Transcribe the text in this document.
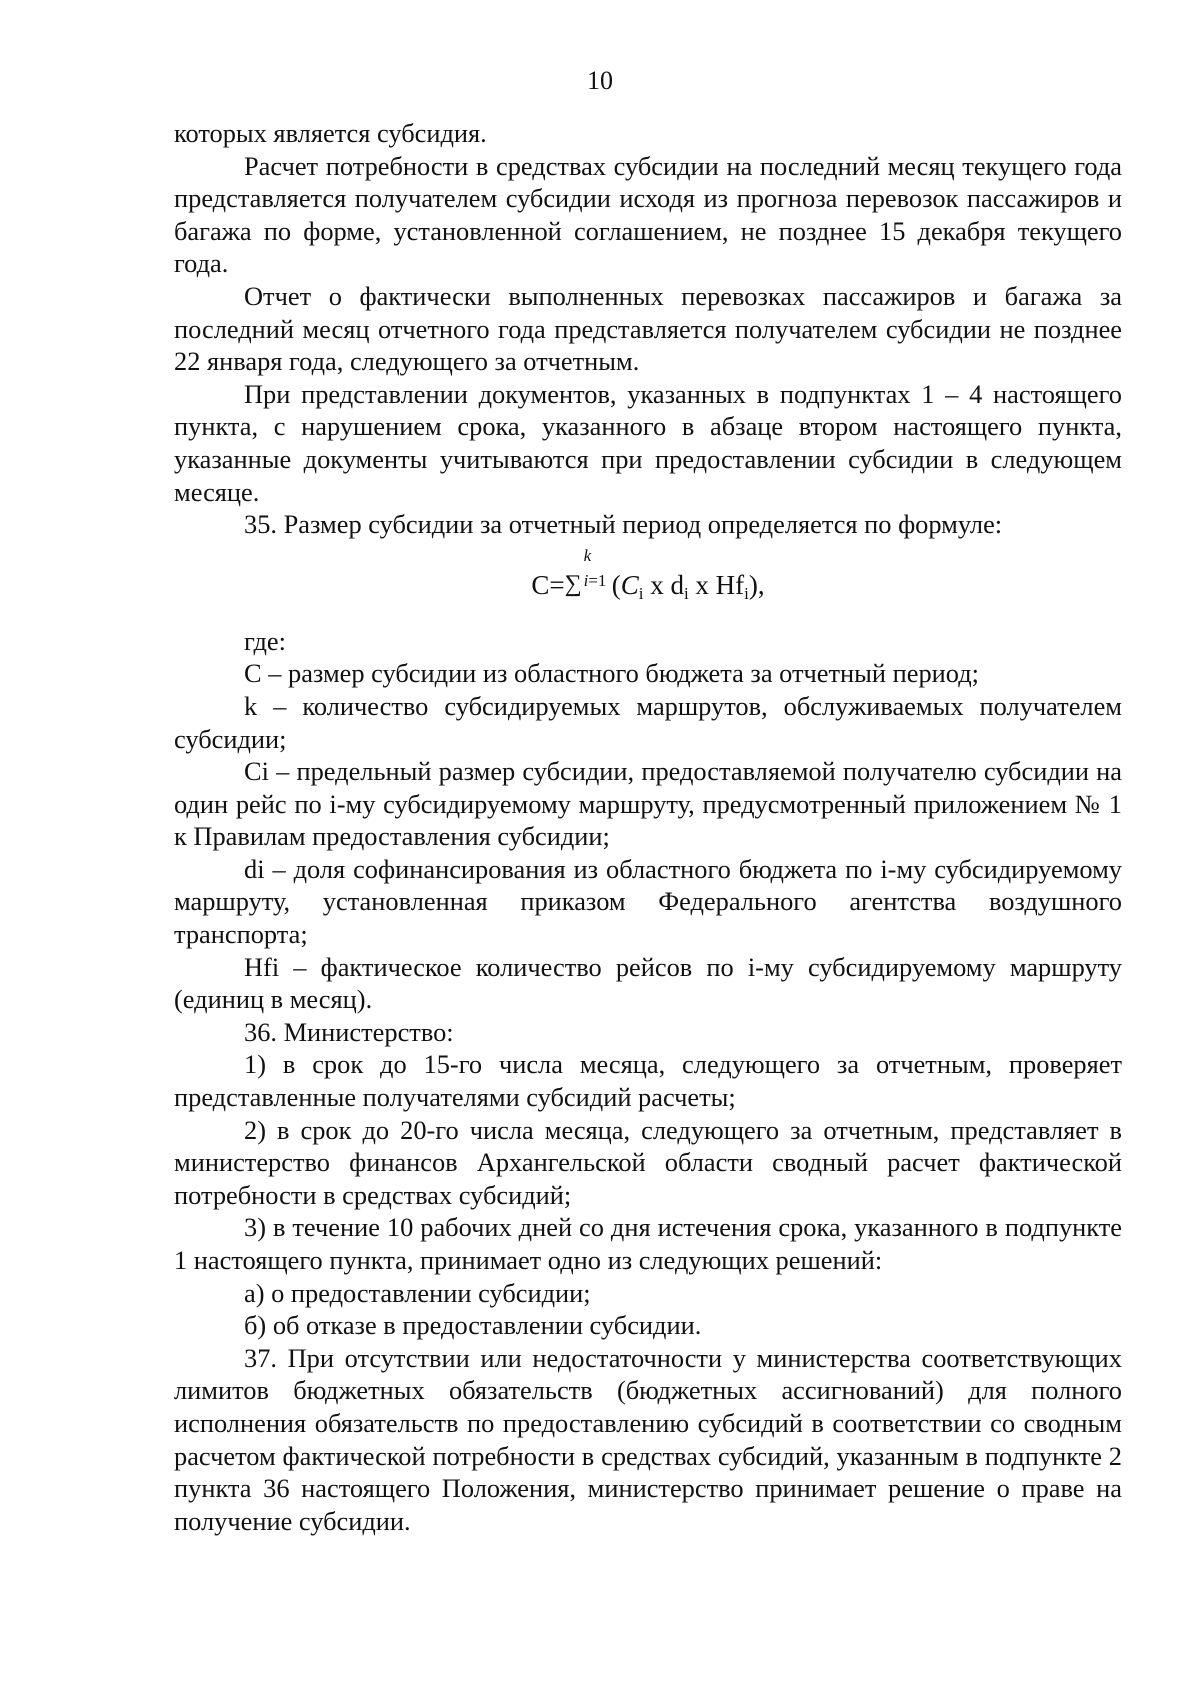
10

которых является субсидия.

Расчет потребности в средствах субсидии на последний месяц текущего года представляется получателем субсидии исходя из прогноза перевозок пассажиров и багажа по форме, установленной соглашением, не позднее 15 декабря текущего года.

Отчет о фактически выполненных перевозках пассажиров и багажа за последний месяц отчетного года представляется получателем субсидии не позднее 22 января года, следующего за отчетным.

При представлении документов, указанных в подпунктах 1 – 4 настоящего пункта, с нарушением срока, указанного в абзаце втором настоящего пункта, указанные документы учитываются при предоставлении субсидии в следующем месяце.

35. Размер субсидии за отчетный период определяется по формуле:

С=∑
k
i=1 (Ci x di x Hfi),

где:

С – размер субсидии из областного бюджета за отчетный период;

k – количество субсидируемых маршрутов, обслуживаемых получателем субсидии;

Сi – предельный размер субсидии, предоставляемой получателю субсидии на один рейс по i-му субсидируемому маршруту, предусмотренный приложением № 1 к Правилам предоставления субсидии;

di – доля софинансирования из областного бюджета по i-му субсидируемому маршруту, установленная приказом Федерального агентства воздушного транспорта;

Hfi – фактическое количество рейсов по i-му субсидируемому маршруту (единиц в месяц).

36. Министерство:

1) в срок до 15-го числа месяца, следующего за отчетным, проверяет представленные получателями субсидий расчеты;

2) в срок до 20-го числа месяца, следующего за отчетным, представляет в министерство финансов Архангельской области сводный расчет фактической потребности в средствах субсидий;

3) в течение 10 рабочих дней со дня истечения срока, указанного в подпункте 1 настоящего пункта, принимает одно из следующих решений:

а) о предоставлении субсидии;

б) об отказе в предоставлении субсидии.

37. При отсутствии или недостаточности у министерства соответствующих лимитов бюджетных обязательств (бюджетных ассигнований) для полного исполнения обязательств по предоставлению субсидий в соответствии со сводным расчетом фактической потребности в средствах субсидий, указанным в подпункте 2 пункта 36 настоящего Положения, министерство принимает решение о праве на получение субсидии.
